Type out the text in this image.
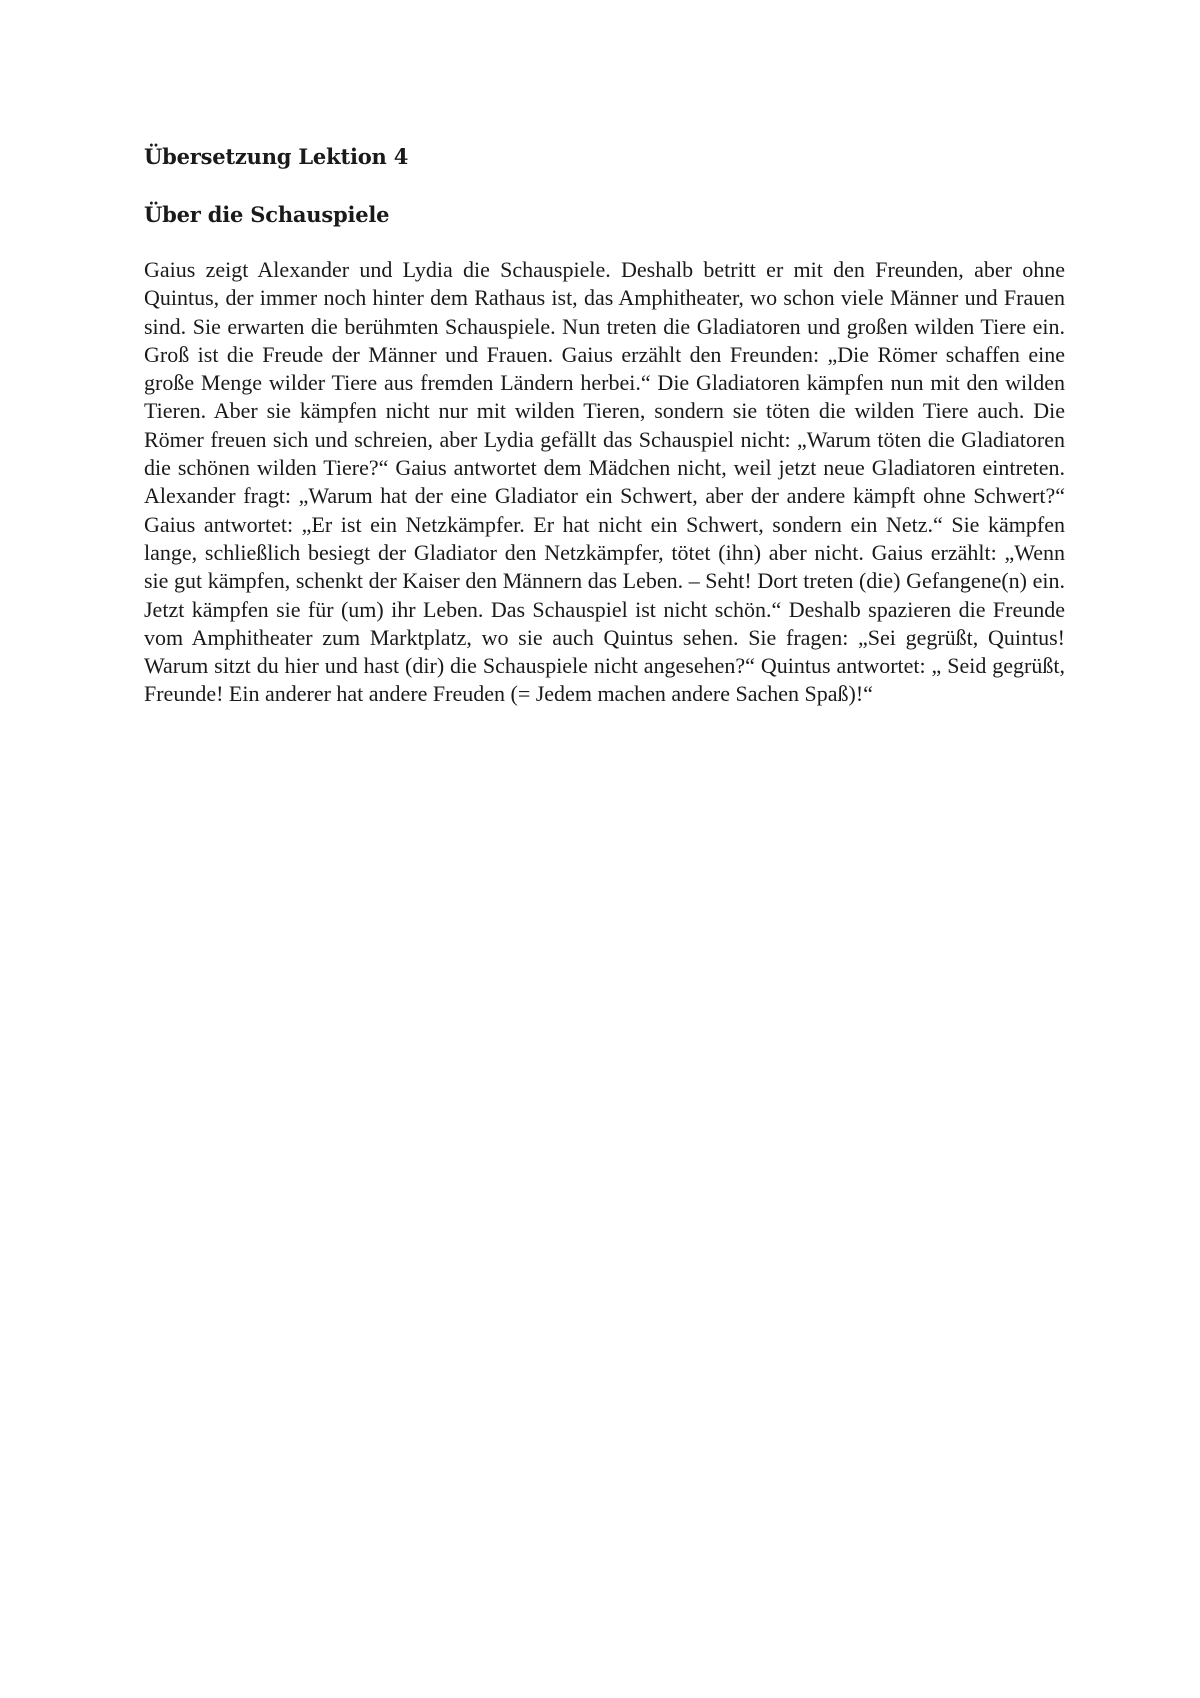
Übersetzung Lektion 4
Über die Schauspiele

Gaius zeigt Alexander und Lydia die Schauspiele. Deshalb betritt er mit den Freunden, aber ohne Quintus, der immer noch hinter dem Rathaus ist, das Amphitheater, wo schon viele Männer und Frauen sind. Sie erwarten die berühmten Schauspiele. Nun treten die Gladiatoren und großen wilden Tiere ein. Groß ist die Freude der Männer und Frauen. Gaius erzählt den Freunden: „Die Römer schaffen eine große Menge wilder Tiere aus fremden Ländern herbei.“ Die Gladiatoren kämpfen nun mit den wilden Tieren. Aber sie kämpfen nicht nur mit wilden Tieren, sondern sie töten die wilden Tiere auch. Die Römer freuen sich und schreien, aber Lydia gefällt das Schauspiel nicht: „Warum töten die Gladiatoren die schönen wilden Tiere?“ Gaius antwortet dem Mädchen nicht, weil jetzt neue Gladiatoren eintreten. Alexander fragt: „Warum hat der eine Gladiator ein Schwert, aber der andere kämpft ohne Schwert?“ Gaius antwortet: „Er ist ein Netzkämpfer. Er hat nicht ein Schwert, sondern ein Netz.“ Sie kämpfen lange, schließlich besiegt der Gladiator den Netzkämpfer, tötet (ihn) aber nicht. Gaius erzählt: „Wenn sie gut kämpfen, schenkt der Kaiser den Männern das Leben. – Seht! Dort treten (die) Gefangene(n) ein. Jetzt kämpfen sie für (um) ihr Leben. Das Schauspiel ist nicht schön.“ Deshalb spazieren die Freunde vom Amphitheater zum Marktplatz, wo sie auch Quintus sehen. Sie fragen: „Sei gegrüßt, Quintus! Warum sitzt du hier und hast (dir) die Schauspiele nicht angesehen?“ Quintus antwortet: „ Seid gegrüßt, Freunde! Ein anderer hat andere Freuden (= Jedem machen andere Sachen Spaß)!“
